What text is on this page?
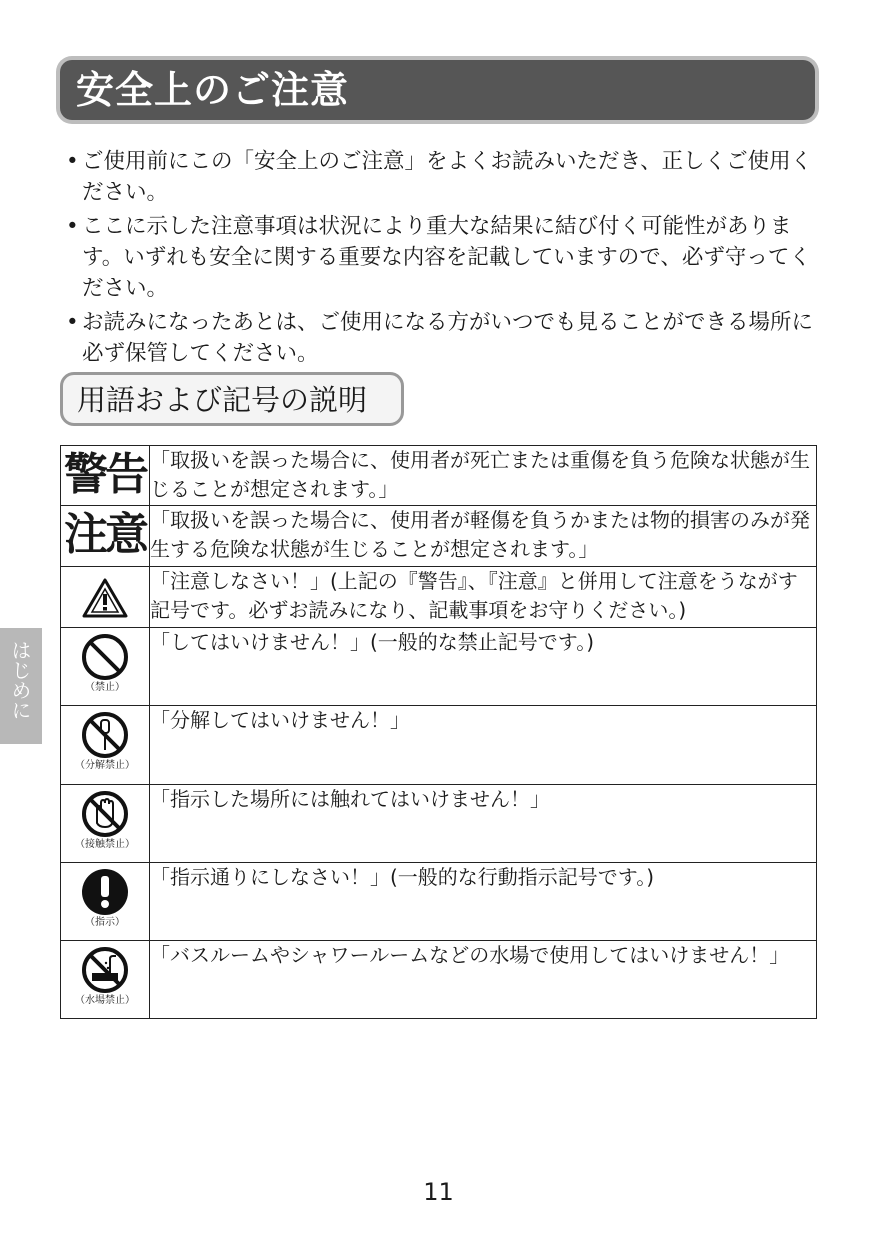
安全上のご注意
• ご使用前にこの「安全上のご注意」をよくお読みいただき、正しくご使用ください。
• ここに示した注意事項は状況により重大な結果に結び付く可能性があります。いずれも安全に関する重要な内容を記載していますので、必ず守ってください。
• お読みになったあとは、ご使用になる方がいつでも見ることができる場所に必ず保管してください。
用語および記号の説明
警告	「取扱いを誤った場合に、使用者が死亡または重傷を負う危険な状態が生じることが想定されます。」

注意	「取扱いを誤った場合に、使用者が軽傷を負うかまたは物的損害のみが発生する危険な状態が生じることが想定されます。」

	「注意しなさい！」(上記の『警告』、『注意』と併用して注意をうながす記号です。必ずお読みになり、記載事項をお守りください。)

（禁止）	「してはいけません！」(一般的な禁止記号です。)

（分解禁止）	「分解してはいけません！」

（接触禁止）	「指示した場所には触れてはいけません！」

（指示）	「指示通りにしなさい！」(一般的な行動指示記号です。)

（水場禁止）	「バスルームやシャワールームなどの水場で使用してはいけません！」
はじめに
11
